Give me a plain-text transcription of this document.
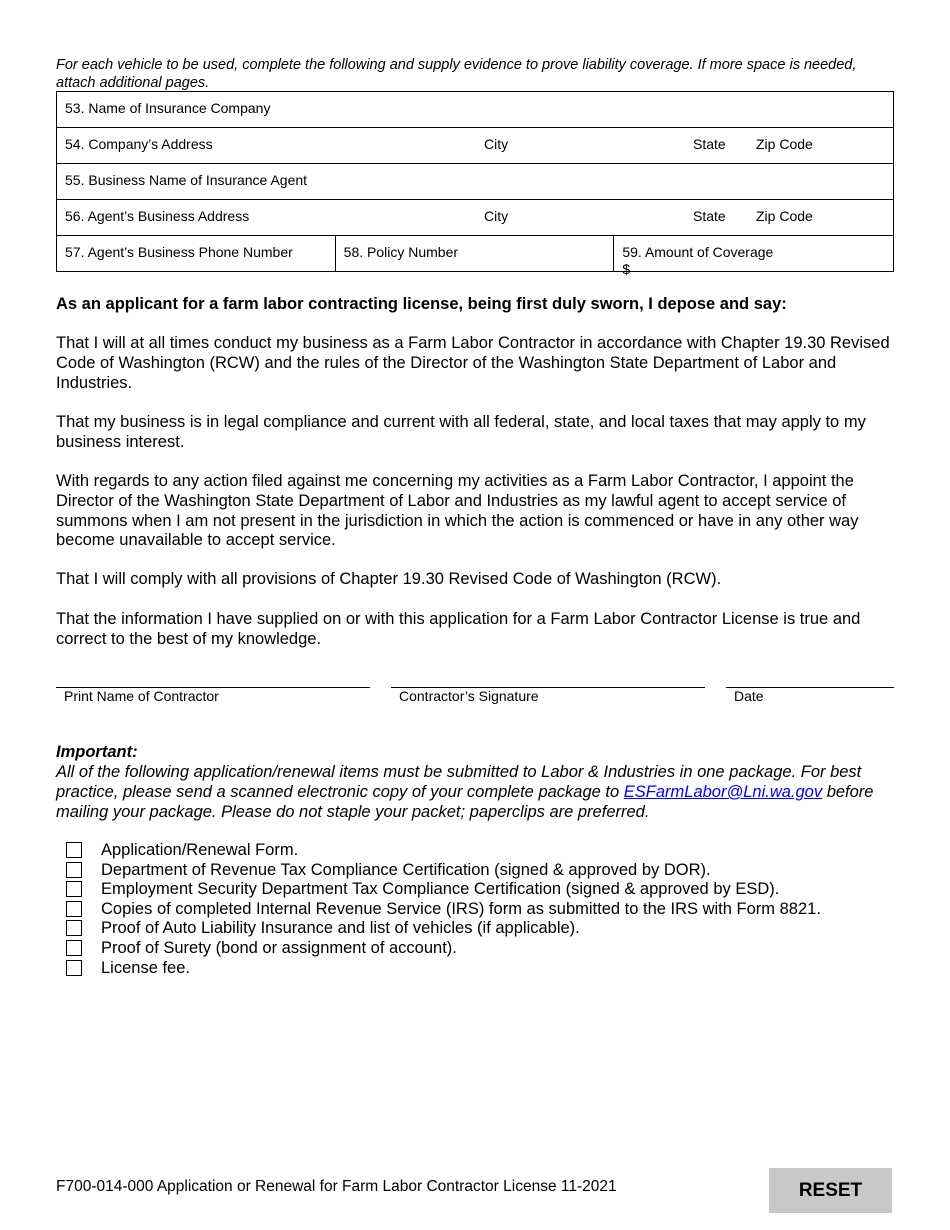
For each vehicle to be used, complete the following and supply evidence to prove liability coverage. If more space is needed, attach additional pages.
53. Name of Insurance Company

54. Company’s Address	City	State Zip Code

55. Business Name of Insurance Agent

56. Agent’s Business Address	City	State Zip Code

57. Agent’s Business Phone Number	58. Policy Number	59. Amount of Coverage
$
As an applicant for a farm labor contracting license, being first duly sworn, I depose and say:
That I will at all times conduct my business as a Farm Labor Contractor in accordance with Chapter 19.30 Revised Code of Washington (RCW) and the rules of the Director of the Washington State Department of Labor and Industries.
That my business is in legal compliance and current with all federal, state, and local taxes that may apply to my business interest.
With regards to any action filed against me concerning my activities as a Farm Labor Contractor, I appoint the Director of the Washington State Department of Labor and Industries as my lawful agent to accept service of summons when I am not present in the jurisdiction in which the action is commenced or have in any other way become unavailable to accept service.
That I will comply with all provisions of Chapter 19.30 Revised Code of Washington (RCW).
That the information I have supplied on or with this application for a Farm Labor Contractor License is true and correct to the best of my knowledge.
Print Name of Contractor	Contractor’s Signature	Date
Important:
All of the following application/renewal items must be submitted to Labor & Industries in one package. For best practice, please send a scanned electronic copy of your complete package to ESFarmLabor@Lni.wa.gov before mailing your package. Please do not staple your packet; paperclips are preferred.
Application/Renewal Form.
Department of Revenue Tax Compliance Certification (signed & approved by DOR).
Employment Security Department Tax Compliance Certification (signed & approved by ESD).
Copies of completed Internal Revenue Service (IRS) form as submitted to the IRS with Form 8821.
Proof of Auto Liability Insurance and list of vehicles (if applicable).
Proof of Surety (bond or assignment of account).
License fee.
F700-014-000 Application or Renewal for Farm Labor Contractor License 11-2021	RESET
